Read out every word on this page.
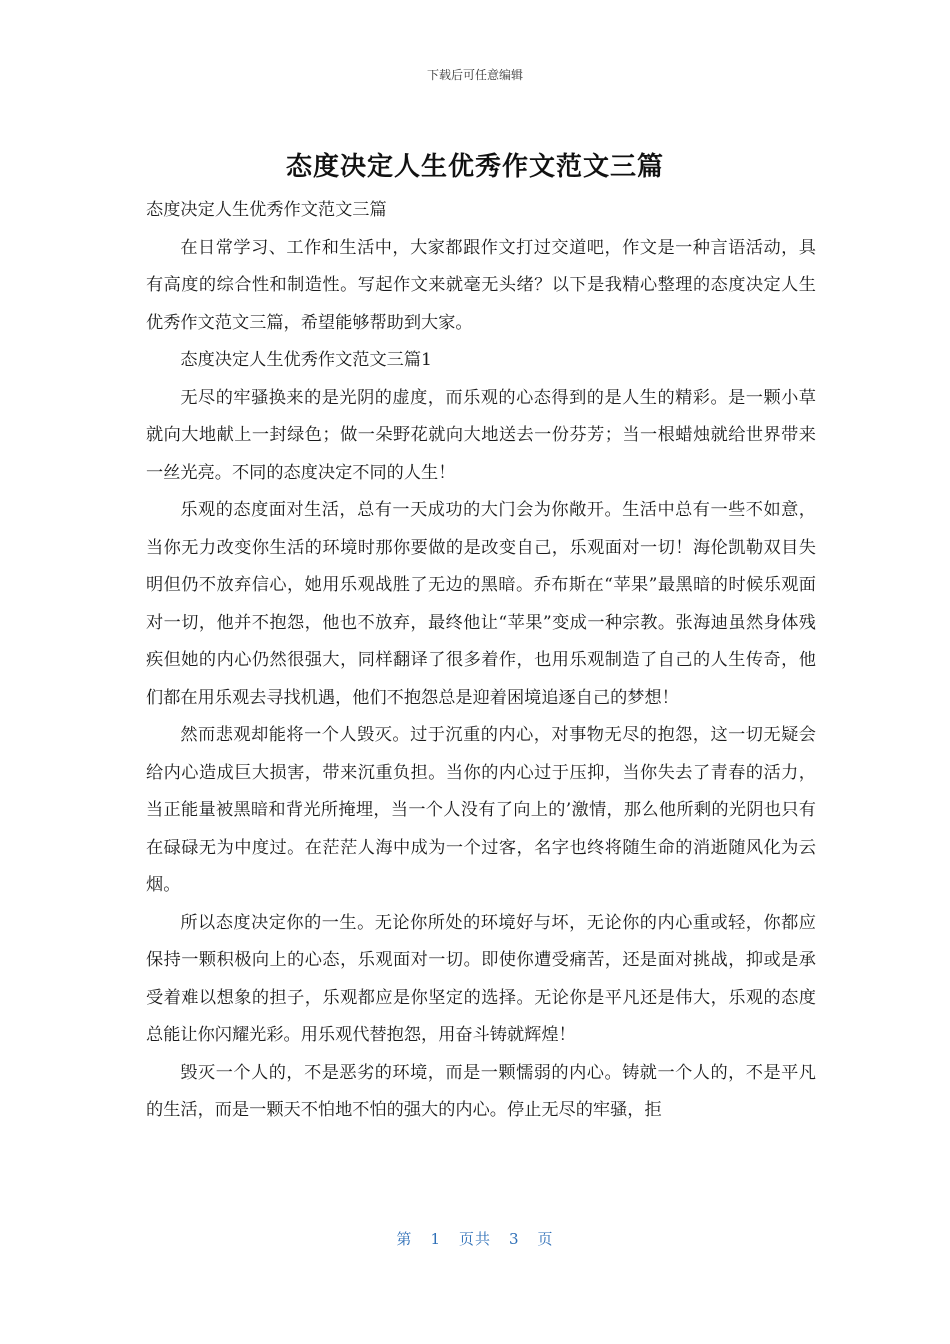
下载后可任意编辑
态度决定人生优秀作文范文三篇

态度决定人生优秀作文范文三篇

在日常学习、工作和生活中，大家都跟作文打过交道吧，作文是一种言语活动，具有高度的综合性和制造性。写起作文来就毫无头绪？以下是我精心整理的态度决定人生优秀作文范文三篇，希望能够帮助到大家。

态度决定人生优秀作文范文三篇1

无尽的牢骚换来的是光阴的虚度，而乐观的心态得到的是人生的精彩。是一颗小草就向大地献上一封绿色；做一朵野花就向大地送去一份芬芳；当一根蜡烛就给世界带来一丝光亮。不同的态度决定不同的人生！

乐观的态度面对生活，总有一天成功的大门会为你敞开。生活中总有一些不如意，当你无力改变你生活的环境时那你要做的是改变自己，乐观面对一切！海伦凯勒双目失明但仍不放弃信心，她用乐观战胜了无边的黑暗。乔布斯在“苹果”最黑暗的时候乐观面对一切，他并不抱怨，他也不放弃，最终他让“苹果”变成一种宗教。张海迪虽然身体残疾但她的内心仍然很强大，同样翻译了很多着作，也用乐观制造了自己的人生传奇，他们都在用乐观去寻找机遇，他们不抱怨总是迎着困境追逐自己的梦想！

然而悲观却能将一个人毁灭。过于沉重的内心，对事物无尽的抱怨，这一切无疑会给内心造成巨大损害，带来沉重负担。当你的内心过于压抑，当你失去了青春的活力，当正能量被黑暗和背光所掩埋，当一个人没有了向上的’激情，那么他所剩的光阴也只有在碌碌无为中度过。在茫茫人海中成为一个过客，名字也终将随生命的消逝随风化为云烟。

所以态度决定你的一生。无论你所处的环境好与坏，无论你的内心重或轻，你都应保持一颗积极向上的心态，乐观面对一切。即使你遭受痛苦，还是面对挑战，抑或是承受着难以想象的担子，乐观都应是你坚定的选择。无论你是平凡还是伟大，乐观的态度总能让你闪耀光彩。用乐观代替抱怨，用奋斗铸就辉煌！

毁灭一个人的，不是恶劣的环境，而是一颗懦弱的内心。铸就一个人的，不是平凡的生活，而是一颗天不怕地不怕的强大的内心。停止无尽的牢骚，拒

第 1 页共 3 页
